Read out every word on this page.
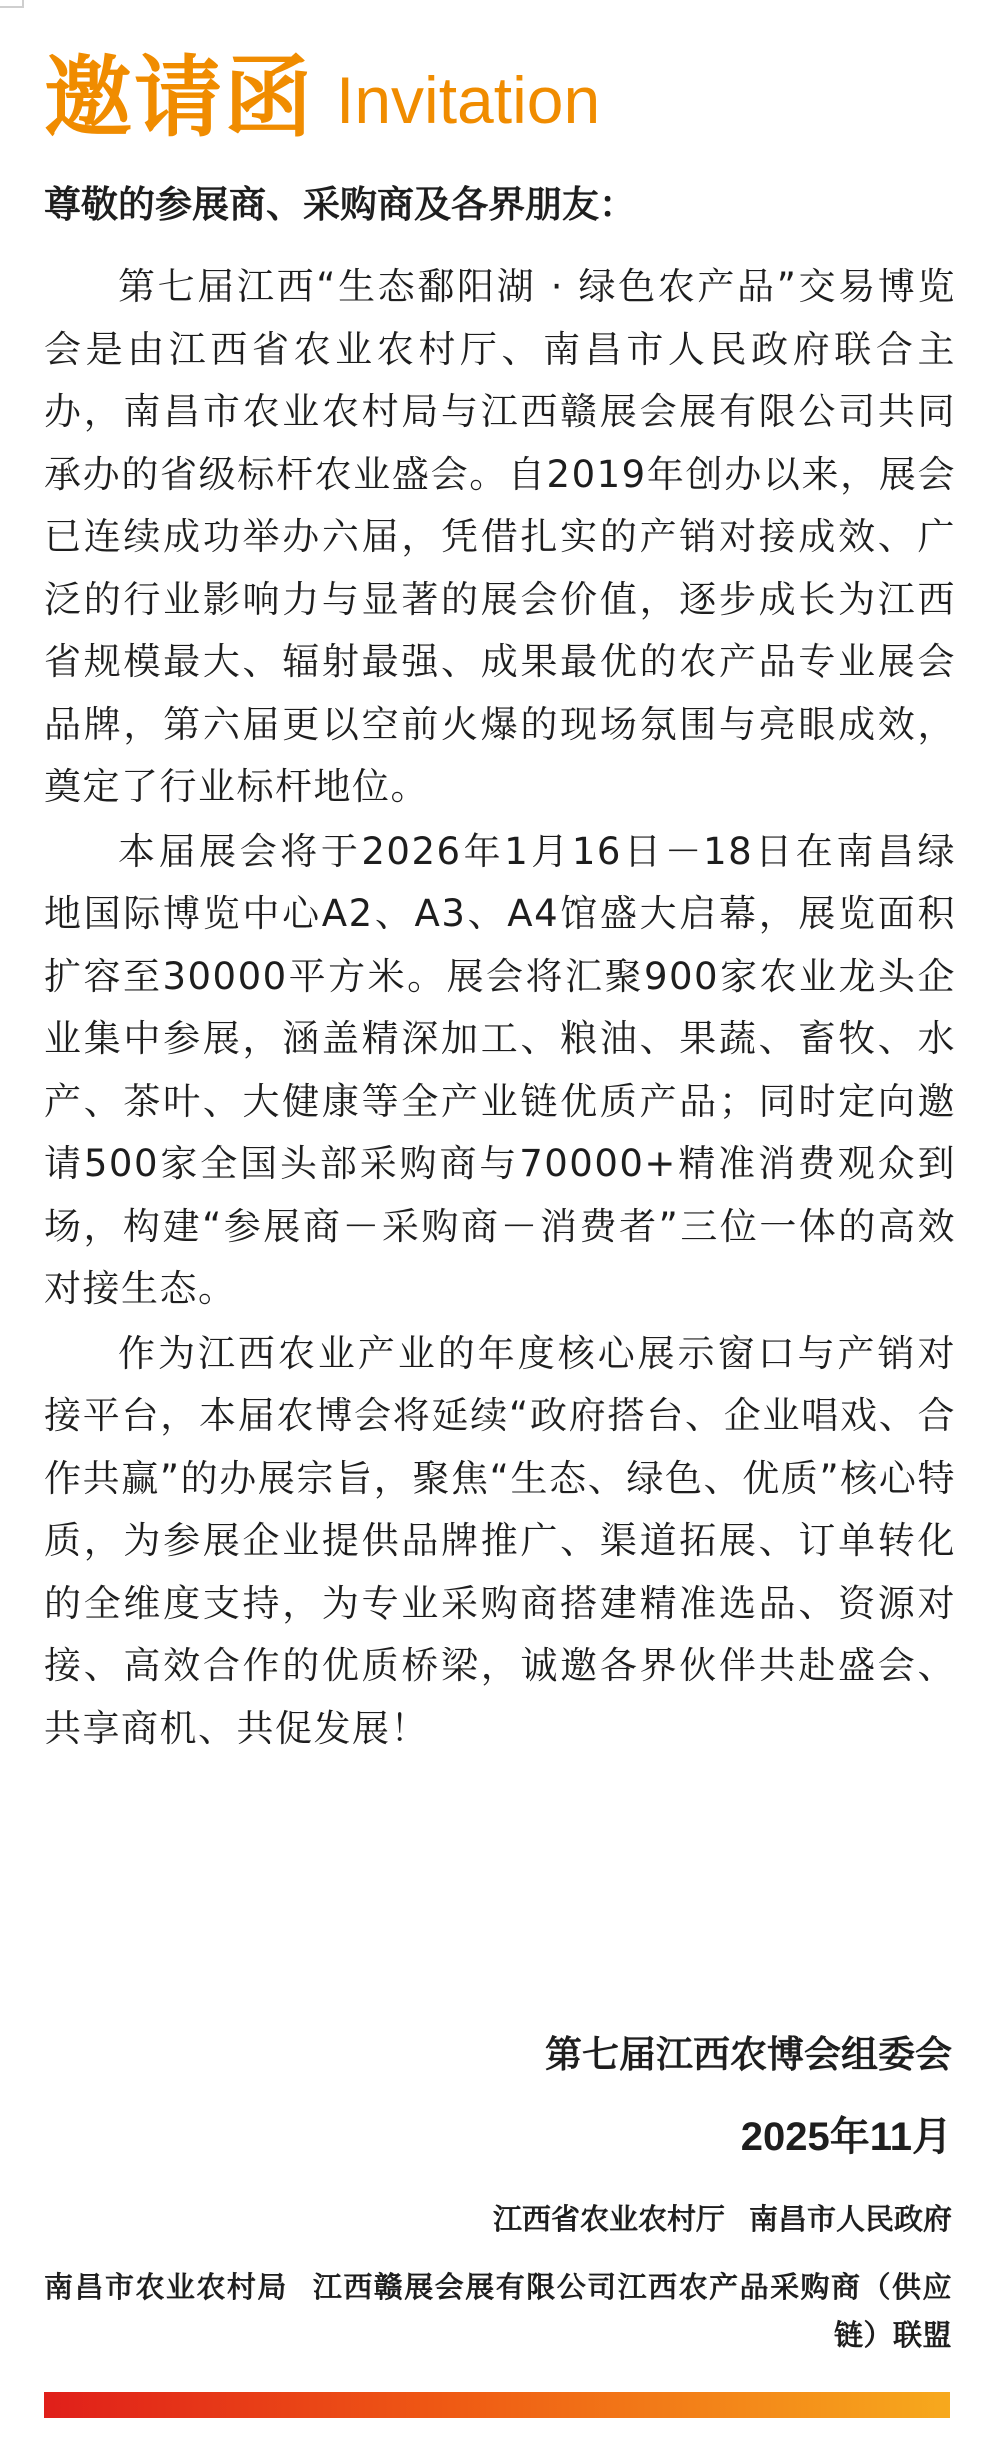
邀请函 Invitation
尊敬的参展商、采购商及各界朋友：

第七届江西“生态鄱阳湖 · 绿色农产品”交易博览会是由江西省农业农村厅、南昌市人民政府联合主办，南昌市农业农村局与江西赣展会展有限公司共同承办的省级标杆农业盛会。自2019年创办以来，展会已连续成功举办六届，凭借扎实的产销对接成效、广泛的行业影响力与显著的展会价值，逐步成长为江西省规模最大、辐射最强、成果最优的农产品专业展会品牌，第六届更以空前火爆的现场氛围与亮眼成效，奠定了行业标杆地位。

本届展会将于2026年1月16日－18日在南昌绿地国际博览中心A2、A3、A4馆盛大启幕，展览面积扩容至30000平方米。展会将汇聚900家农业龙头企业集中参展，涵盖精深加工、粮油、果蔬、畜牧、水产、茶叶、大健康等全产业链优质产品；同时定向邀请500家全国头部采购商与70000+精准消费观众到场，构建“参展商－采购商－消费者”三位一体的高效对接生态。

作为江西农业产业的年度核心展示窗口与产销对接平台，本届农博会将延续“政府搭台、企业唱戏、合作共赢”的办展宗旨，聚焦“生态、绿色、优质”核心特质，为参展企业提供品牌推广、渠道拓展、订单转化的全维度支持，为专业采购商搭建精准选品、资源对接、高效合作的优质桥梁，诚邀各界伙伴共赴盛会、共享商机、共促发展！

第七届江西农博会组委会
2025年11月
江西省农业农村厅 南昌市人民政府
南昌市农业农村局 江西赣展会展有限公司江西农产品采购商（供应链）联盟
